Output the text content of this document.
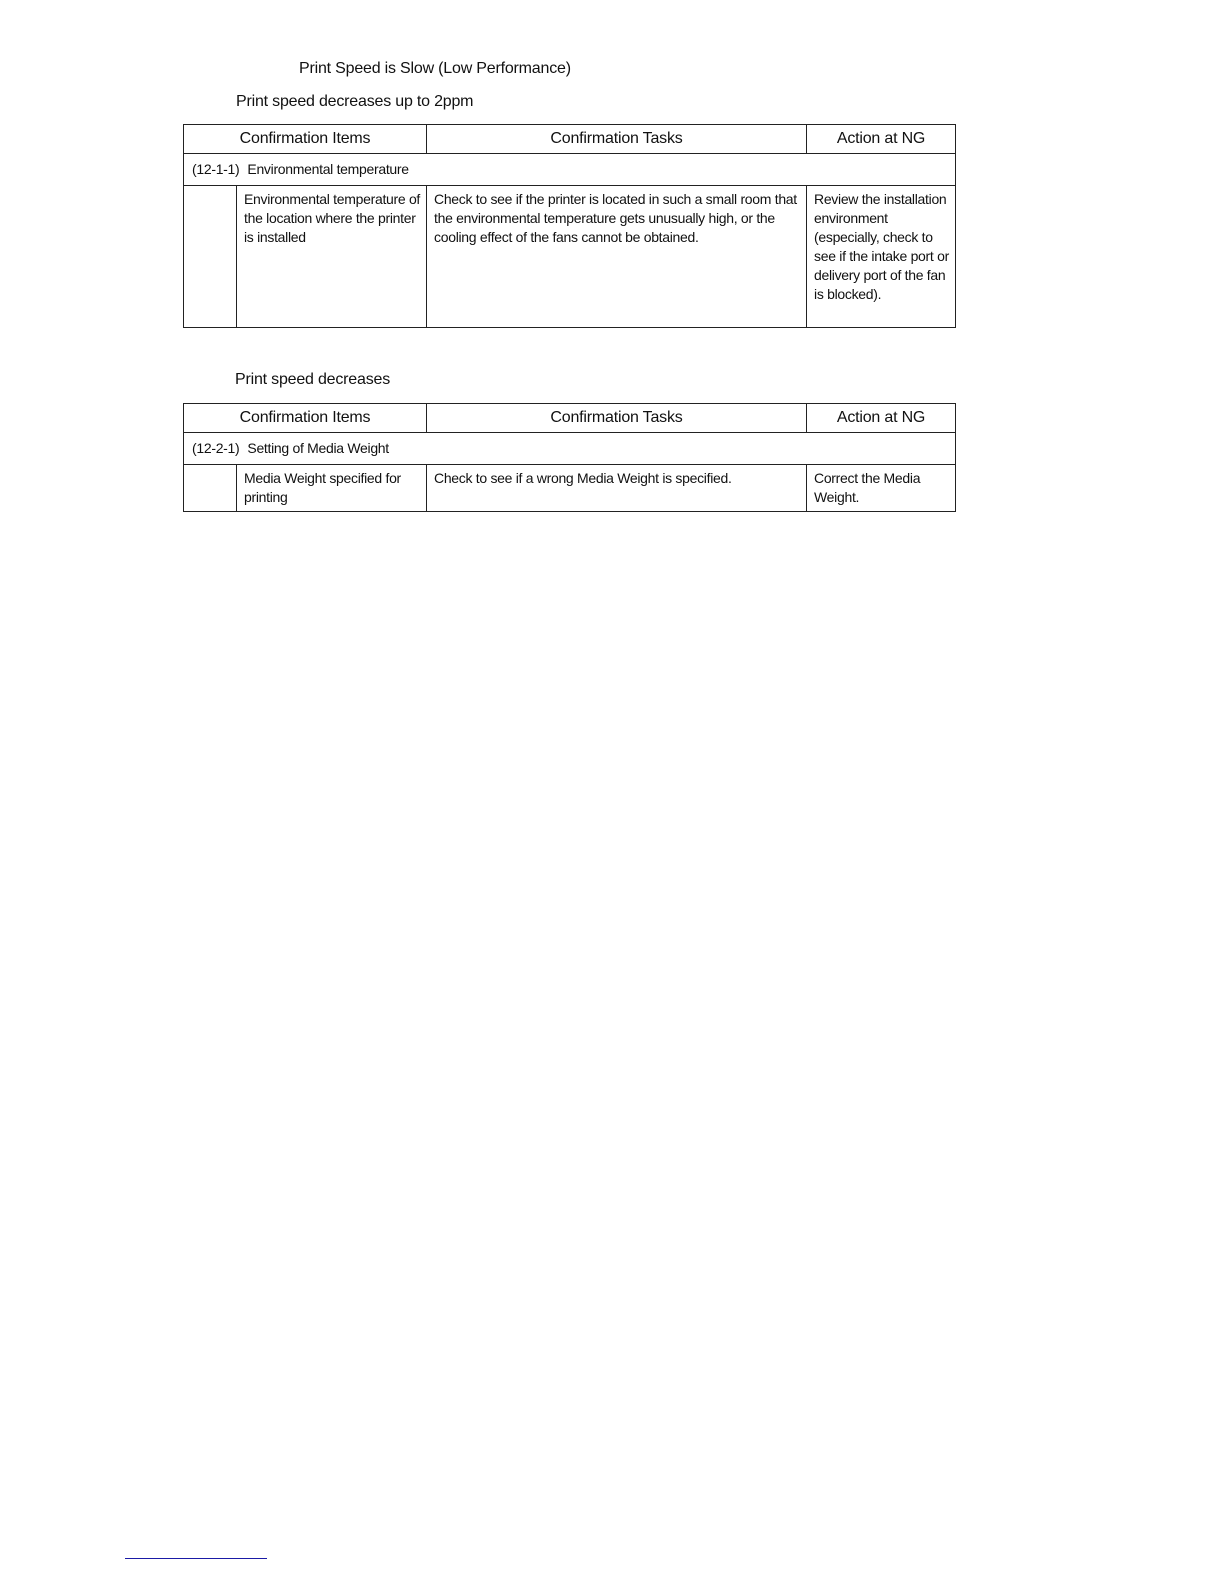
Print Speed is Slow (Low Performance)
Print speed decreases up to 2ppm
Confirmation Items		Confirmation Tasks	Action at NG
(12-1-1) Environmental temperature			
	Environmental temperature of the location where the printer is installed	Check to see if the printer is located in such a small room that the environmental temperature gets unusually high, or the cooling effect of the fans cannot be obtained.	Review the installation environment (especially, check to see if the intake port or delivery port of the fan is blocked).
Print speed decreases
Confirmation Items		Confirmation Tasks	Action at NG
(12-2-1) Setting of Media Weight			
	Media Weight specified for printing	Check to see if a wrong Media Weight is specified.	Correct the Media Weight.
